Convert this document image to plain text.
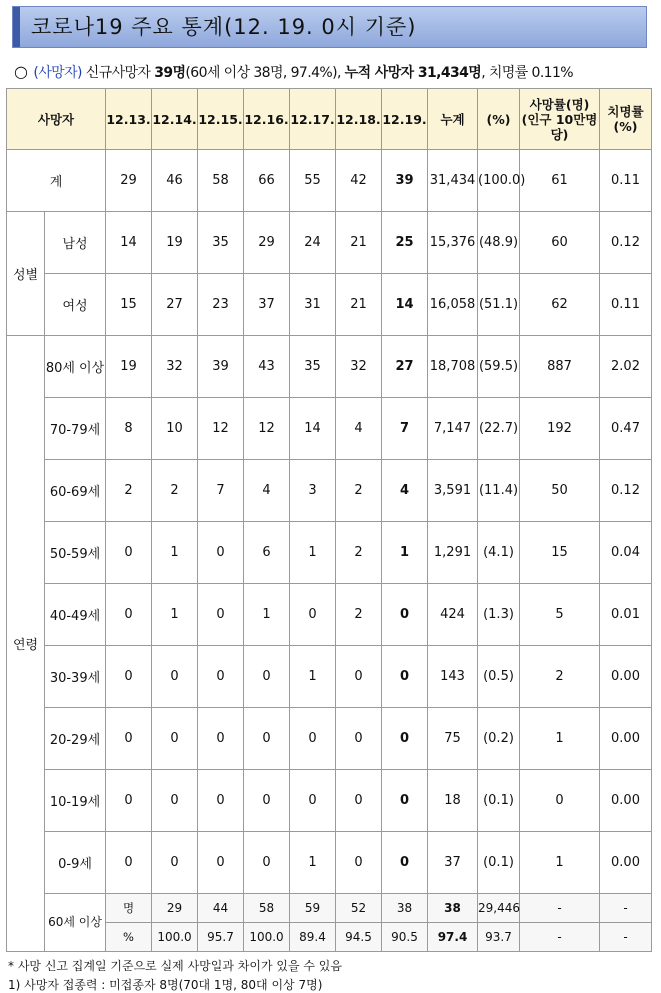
코로나19 주요 통계(12. 19. 0시 기준)
○ (사망자) 신규사망자 39명(60세 이상 38명, 97.4%), 누적 사망자 31,434명, 치명률 0.11%
사망자		12.13.	12.14.	12.15.	12.16.	12.17.	12.18.	12.19.	누계	(%)	사망률(명)
(인구 10만명당)	치명률
(%)	
계		29	46	58	66	55	42	39	31,434	(100.0)	61	0.11	
성별	남성	14	19	35	29	24	21	25	15,376	(48.9)	60	0.12	
	여성	15	27	23	37	31	21	14	16,058	(51.1)	62	0.11	
연령	80세 이상	19	32	39	43	35	32	27	18,708	(59.5)	887	2.02	
	70-79세	8	10	12	12	14	4	7	7,147	(22.7)	192	0.47	
	60-69세	2	2	7	4	3	2	4	3,591	(11.4)	50	0.12	
	50-59세	0	1	0	6	1	2	1	1,291	(4.1)	15	0.04	
	40-49세	0	1	0	1	0	2	0	424	(1.3)	5	0.01	
	30-39세	0	0	0	0	1	0	0	143	(0.5)	2	0.00	
	20-29세	0	0	0	0	0	0	0	75	(0.2)	1	0.00	
	10-19세	0	0	0	0	0	0	0	18	(0.1)	0	0.00	
	0-9세	0	0	0	0	1	0	0	37	(0.1)	1	0.00	
	60세 이상	명	29	44	58	59	52	38	38	29,446	-	-	
		%	100.0	95.7	100.0	89.4	94.5	90.5	97.4	93.7	-	-	
* 사망 신고 집계일 기준으로 실제 사망일과 차이가 있을 수 있음
1) 사망자 접종력 : 미접종자 8명(70대 1명, 80대 이상 7명)
